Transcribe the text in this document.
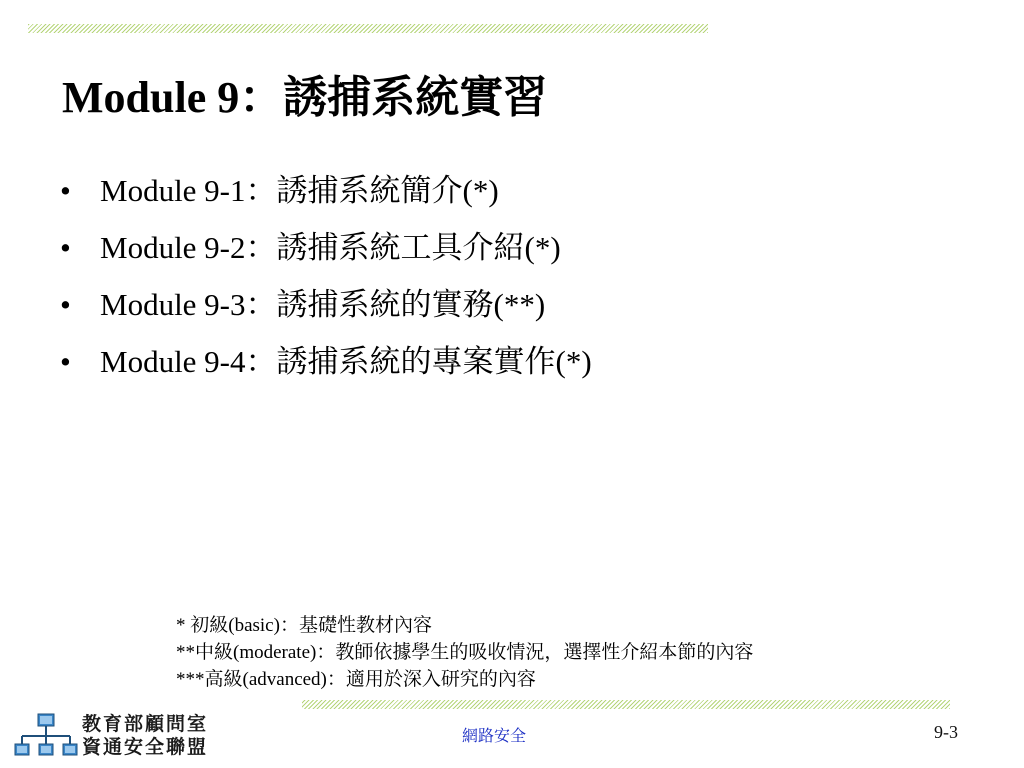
Module 9：誘捕系統實習
• Module 9-1：誘捕系統簡介(*)
• Module 9-2：誘捕系統工具介紹(*)
• Module 9-3：誘捕系統的實務(**)
• Module 9-4：誘捕系統的專案實作(*)
* 初級(basic)：基礎性教材內容
**中級(moderate)：教師依據學生的吸收情況，選擇性介紹本節的內容
***高級(advanced)：適用於深入研究的內容
教育部顧問室
資通安全聯盟	網路安全	9-3
